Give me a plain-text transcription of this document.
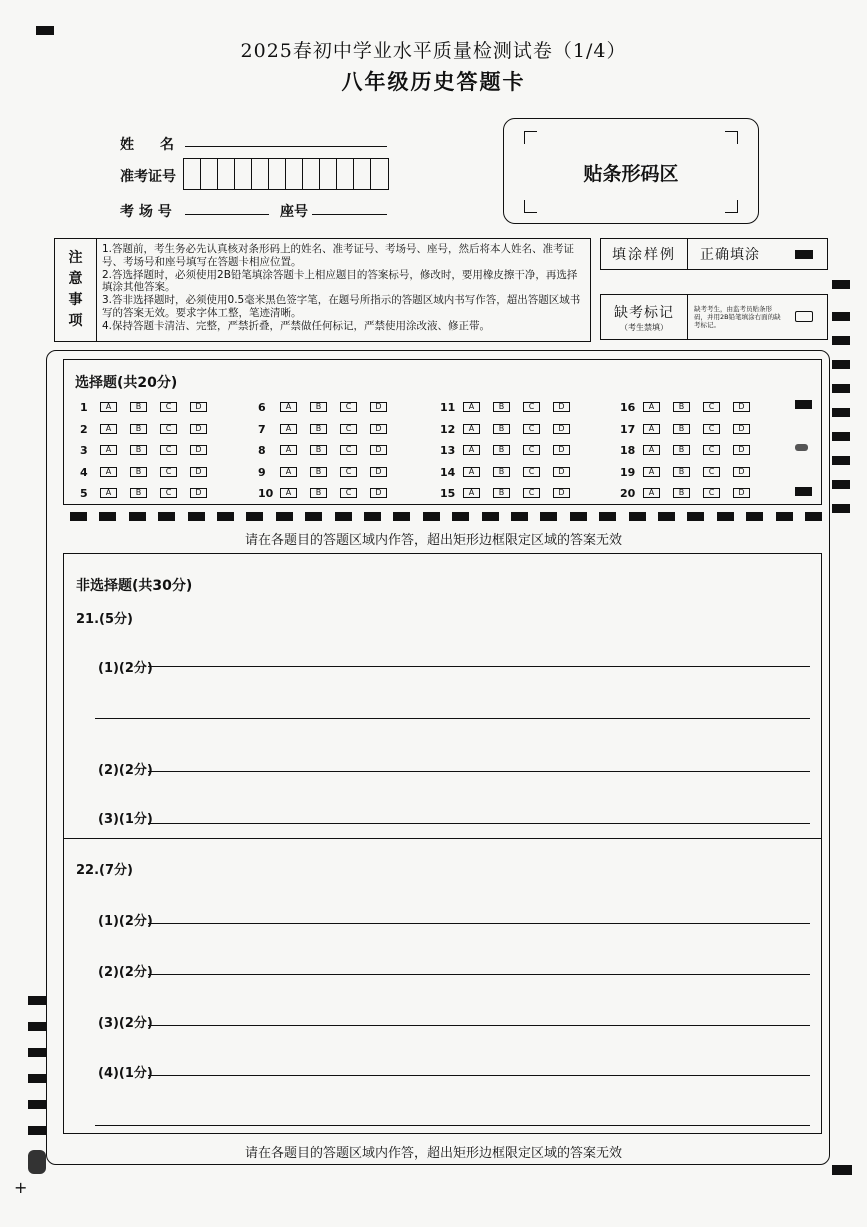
+
2025春初中学业水平质量检测试卷（1/4）
八年级历史答题卡
姓　名
准考证号
考 场 号	座号
贴条形码区
注
意
事
项
1.答题前，考生务必先认真核对条形码上的姓名、准考证号、考场号、座号，然后将本人姓名、准考证号、考场号和座号填写在答题卡相应位置。
2.答选择题时，必须使用2B铅笔填涂答题卡上相应题目的答案标号，修改时，要用橡皮擦干净，再选择填涂其他答案。
3.答非选择题时，必须使用0.5毫米黑色签字笔，在题号所指示的答题区域内书写作答，超出答题区域书写的答案无效。要求字体工整，笔迹清晰。
4.保持答题卡清洁、完整，严禁折叠，严禁做任何标记，严禁使用涂改液、修正带。
填涂样例	正确填涂
缺考标记
（考生禁填）
缺考考生，由监考员贴条形码，并用2B铅笔填涂右面的缺考标记。
选择题(共20分)
1	A	B	C	D
2	A	B	C	D
3	A	B	C	D
4	A	B	C	D
5	A	B	C	D
6	A	B	C	D
7	A	B	C	D
8	A	B	C	D
9	A	B	C	D
10	A	B	C	D
11	A	B	C	D
12	A	B	C	D
13	A	B	C	D
14	A	B	C	D
15	A	B	C	D
16	A	B	C	D
17	A	B	C	D
18	A	B	C	D
19	A	B	C	D
20	A	B	C	D
请在各题目的答题区域内作答，超出矩形边框限定区域的答案无效
非选择题(共30分)
21.(5分)
(1)(2分)
(2)(2分)
(3)(1分)
22.(7分)
(1)(2分)
(2)(2分)
(3)(2分)
(4)(1分)
请在各题目的答题区域内作答，超出矩形边框限定区域的答案无效
